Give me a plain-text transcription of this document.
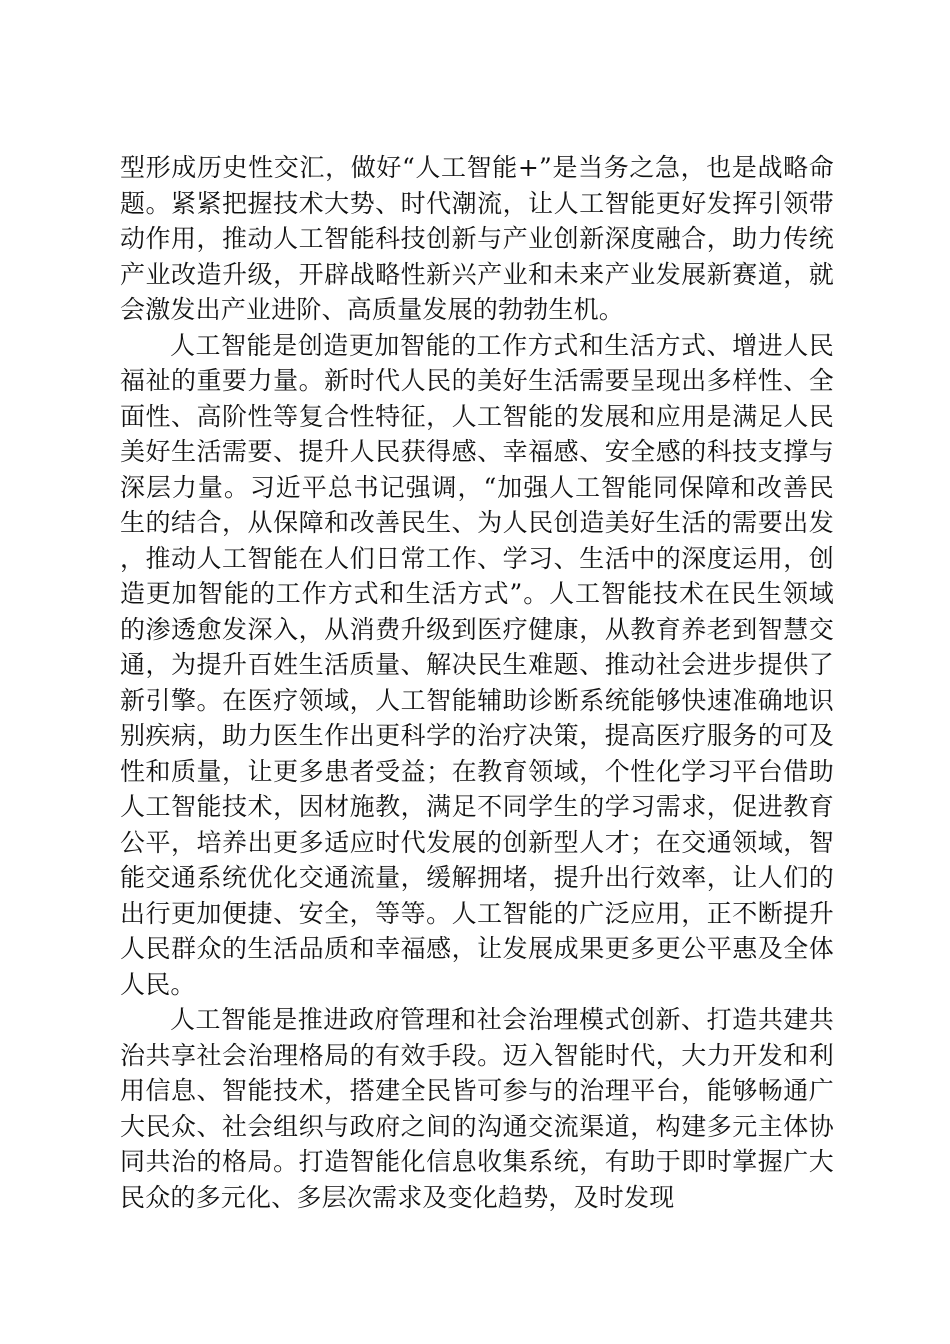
型形成历史性交汇，做好“人工智能+”是当务之急，也是战略命题。紧紧把握技术大势、时代潮流，让人工智能更好发挥引领带动作用，推动人工智能科技创新与产业创新深度融合，助力传统产业改造升级，开辟战略性新兴产业和未来产业发展新赛道，就会激发出产业进阶、高质量发展的勃勃生机。

人工智能是创造更加智能的工作方式和生活方式、增进人民福祉的重要力量。新时代人民的美好生活需要呈现出多样性、全面性、高阶性等复合性特征，人工智能的发展和应用是满足人民美好生活需要、提升人民获得感、幸福感、安全感的科技支撑与深层力量。习近平总书记强调，“加强人工智能同保障和改善民生的结合，从保障和改善民生、为人民创造美好生活的需要出发，推动人工智能在人们日常工作、学习、生活中的深度运用，创造更加智能的工作方式和生活方式”。人工智能技术在民生领域的渗透愈发深入，从消费升级到医疗健康，从教育养老到智慧交通，为提升百姓生活质量、解决民生难题、推动社会进步提供了新引擎。在医疗领域，人工智能辅助诊断系统能够快速准确地识别疾病，助力医生作出更科学的治疗决策，提高医疗服务的可及性和质量，让更多患者受益；在教育领域，个性化学习平台借助人工智能技术，因材施教，满足不同学生的学习需求，促进教育公平，培养出更多适应时代发展的创新型人才；在交通领域，智能交通系统优化交通流量，缓解拥堵，提升出行效率，让人们的出行更加便捷、安全，等等。人工智能的广泛应用，正不断提升人民群众的生活品质和幸福感，让发展成果更多更公平惠及全体人民。

人工智能是推进政府管理和社会治理模式创新、打造共建共治共享社会治理格局的有效手段。迈入智能时代，大力开发和利用信息、智能技术，搭建全民皆可参与的治理平台，能够畅通广大民众、社会组织与政府之间的沟通交流渠道，构建多元主体协同共治的格局。打造智能化信息收集系统，有助于即时掌握广大民众的多元化、多层次需求及变化趋势，及时发现
